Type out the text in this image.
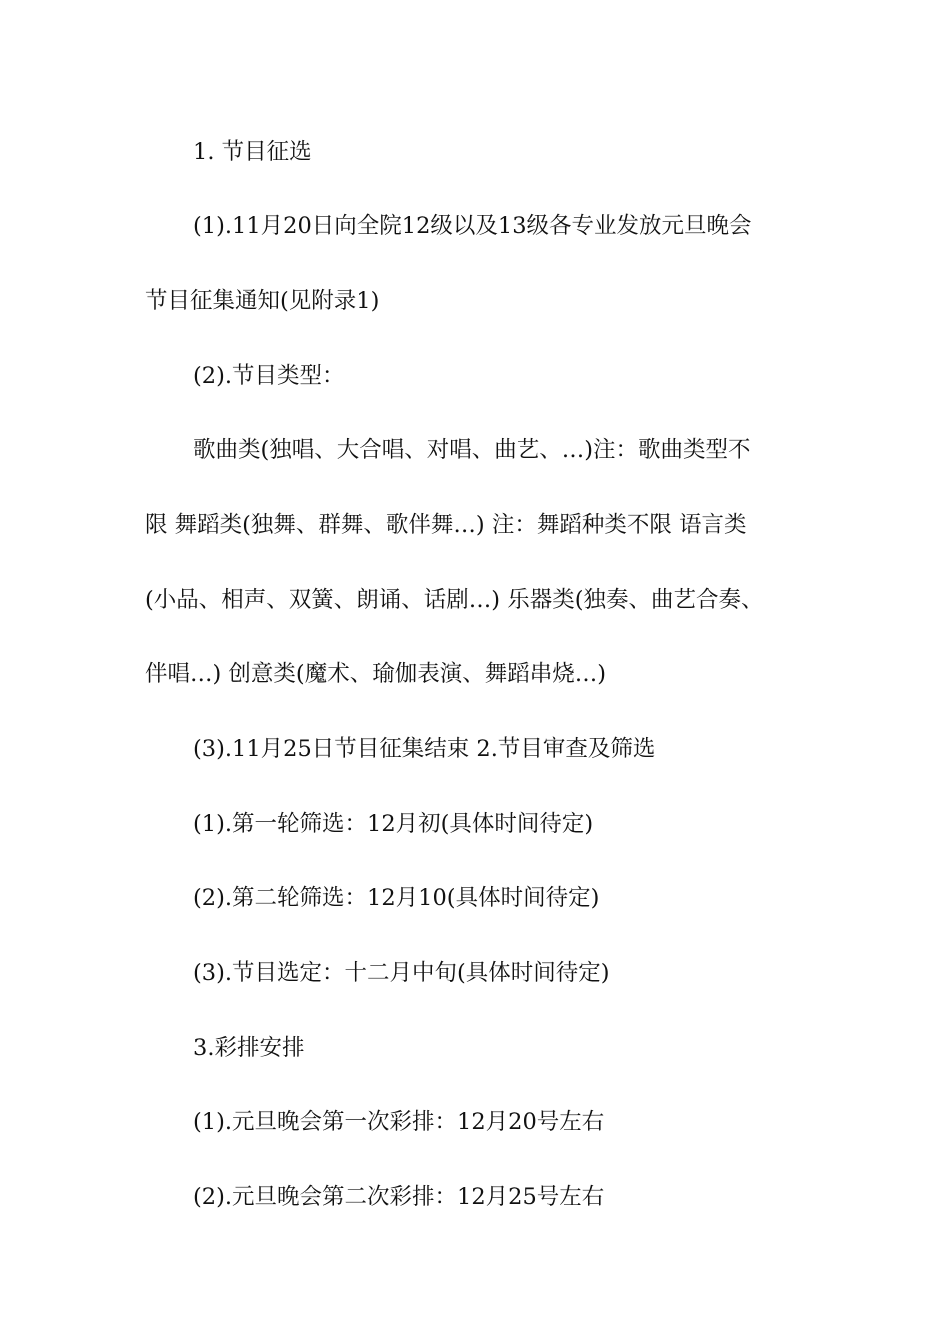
1. 节目征选
(1).11月20日向全院12级以及13级各专业发放元旦晚会
节目征集通知(见附录1)
(2).节目类型：
歌曲类(独唱、大合唱、对唱、曲艺、…)注：歌曲类型不
限 舞蹈类(独舞、群舞、歌伴舞…) 注：舞蹈种类不限 语言类
(小品、相声、双簧、朗诵、话剧…) 乐器类(独奏、曲艺合奏、
伴唱…) 创意类(魔术、瑜伽表演、舞蹈串烧…)
(3).11月25日节目征集结束 2.节目审查及筛选
(1).第一轮筛选：12月初(具体时间待定)
(2).第二轮筛选：12月10(具体时间待定)
(3).节目选定：十二月中旬(具体时间待定)
3.彩排安排
(1).元旦晚会第一次彩排：12月20号左右
(2).元旦晚会第二次彩排：12月25号左右
